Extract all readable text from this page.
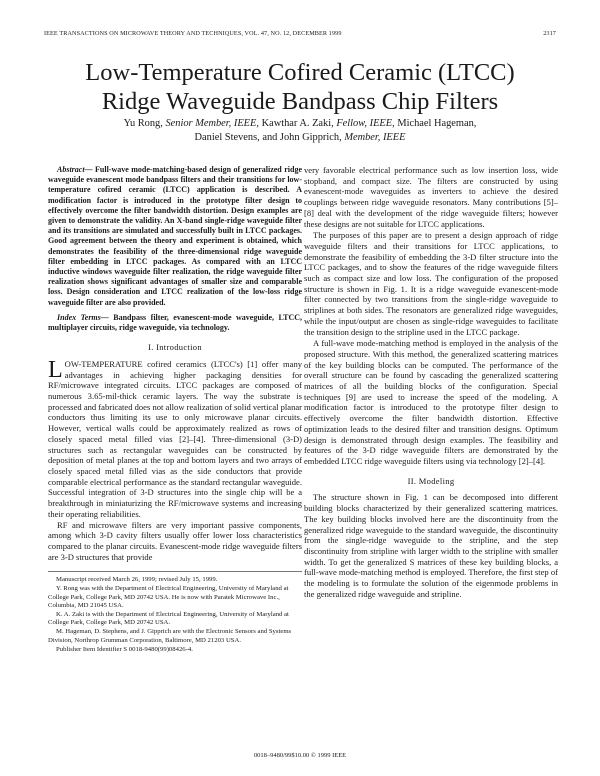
IEEE TRANSACTIONS ON MICROWAVE THEORY AND TECHNIQUES, VOL. 47, NO. 12, DECEMBER 1999	2317
Low-Temperature Cofired Ceramic (LTCC)
Ridge Waveguide Bandpass Chip Filters
Yu Rong, Senior Member, IEEE, Kawthar A. Zaki, Fellow, IEEE, Michael Hageman,
Daniel Stevens, and John Gipprich, Member, IEEE

Abstract— Full-wave mode-matching-based design of generalized ridge waveguide evanescent mode bandpass filters and their transitions for low-temperature cofired ceramic (LTCC) application is described. A modification factor is introduced in the prototype filter design to effectively overcome the filter bandwidth distortion. Design examples are given to demonstrate the validity. An X-band single-ridge waveguide filter and its transitions are simulated and successfully built in LTCC packages. Good agreement between the theory and experiment is obtained, which demonstrates the feasibility of the three-dimensional ridge waveguide filter embedding in LTCC packages. As compared with an LTCC inductive windows waveguide filter realization, the ridge waveguide filter realization shows significant advantages of smaller size and comparable loss. Design consideration and LTCC realization of the low-loss ridge waveguide filter are also provided.

Index Terms— Bandpass filter, evanescent-mode waveguide, LTCC, multiplayer circuits, ridge waveguide, via technology.

I. Introduction

LOW-TEMPERATURE cofired ceramics (LTCC's) [1] offer many advantages in achieving higher packaging densities for RF/microwave integrated circuits. LTCC packages are composed of numerous 3.65-mil-thick ceramic layers. The way the substrate is processed and fabricated does not allow realization of solid vertical planar conductors thus limiting its use to only microwave planar circuits. However, vertical walls could be approximately realized as rows of closely spaced metal filled vias [2]–[4]. Three-dimensional (3-D) structures such as rectangular waveguides can be constructed by deposition of metal planes at the top and bottom layers and two arrays of closely spaced metal filled vias as the side conductors that provide comparable electrical performance as the standard rectangular waveguide. Successful integration of 3-D structures into the single chip will be a breakthrough in miniaturizing the RF/microwave systems and increasing their operating reliabilities.

RF and microwave filters are very important passive components, among which 3-D cavity filters usually offer lower loss characteristics compared to the planar circuits. Evanescent-mode ridge waveguide filters are 3-D structures that provide

Manuscript received March 26, 1999; revised July 15, 1999.

Y. Rong was with the Department of Electrical Engineering, University of Maryland at College Park, College Park, MD 20742 USA. He is now with Paratek Microwave Inc., Columbia, MD 21045 USA.

K. A. Zaki is with the Department of Electrical Engineering, University of Maryland at College Park, College Park, MD 20742 USA.

M. Hageman, D. Stephens, and J. Gipprich are with the Electronic Sensors and Systems Division, Northrop Grumman Corporation, Baltimore, MD 21203 USA.

Publisher Item Identifier S 0018-9480(99)08426-4.

very favorable electrical performance such as low insertion loss, wide stopband, and compact size. The filters are constructed by using evanescent-mode waveguides as inverters to achieve the desired couplings between ridge waveguide resonators. Many contributions [5]–[8] deal with the development of the ridge waveguide filters; however these designs are not suitable for LTCC applications.

The purposes of this paper are to present a design approach of ridge waveguide filters and their transitions for LTCC applications, to demonstrate the feasibility of embedding the 3-D filter structure into the LTCC packages, and to show the features of the ridge waveguide filters such as compact size and low loss. The configuration of the proposed structure is shown in Fig. 1. It is a ridge waveguide evanescent-mode filter connected by two transitions from the single-ridge waveguide to striplines at both sides. The resonators are generalized ridge waveguides, while the input/output are chosen as single-ridge waveguides to facilitate the transition design to the stripline used in the LTCC package.

A full-wave mode-matching method is employed in the analysis of the proposed structure. With this method, the generalized scattering matrices of the key building blocks can be computed. The performance of the overall structure can be found by cascading the generalized scattering matrices of all the building blocks of the configuration. Special techniques [9] are used to increase the speed of the modeling. A modification factor is introduced to the prototype filter design to effectively overcome the filter bandwidth distortion. Effective optimization leads to the desired filter and transition designs. Optimum design is demonstrated through design examples. The feasibility and features of the 3-D ridge waveguide filters are demonstrated by the embedded LTCC ridge waveguide filters using via technology [2]–[4].

II. Modeling

The structure shown in Fig. 1 can be decomposed into different building blocks characterized by their generalized scattering matrices. The key building blocks involved here are the discontinuity from the generalized ridge waveguide to the standard waveguide, the discontinuity from the single-ridge waveguide to the stripline, and the step discontinuity from stripline with larger width to the stripline with smaller width. To get the generalized S matrices of these key building blocks, a full-wave mode-matching method is employed. Therefore, the first step of the modeling is to formulate the solution of the eigenmode problems in the generalized ridge waveguide and stripline.

0018–9480/99$10.00 © 1999 IEEE
